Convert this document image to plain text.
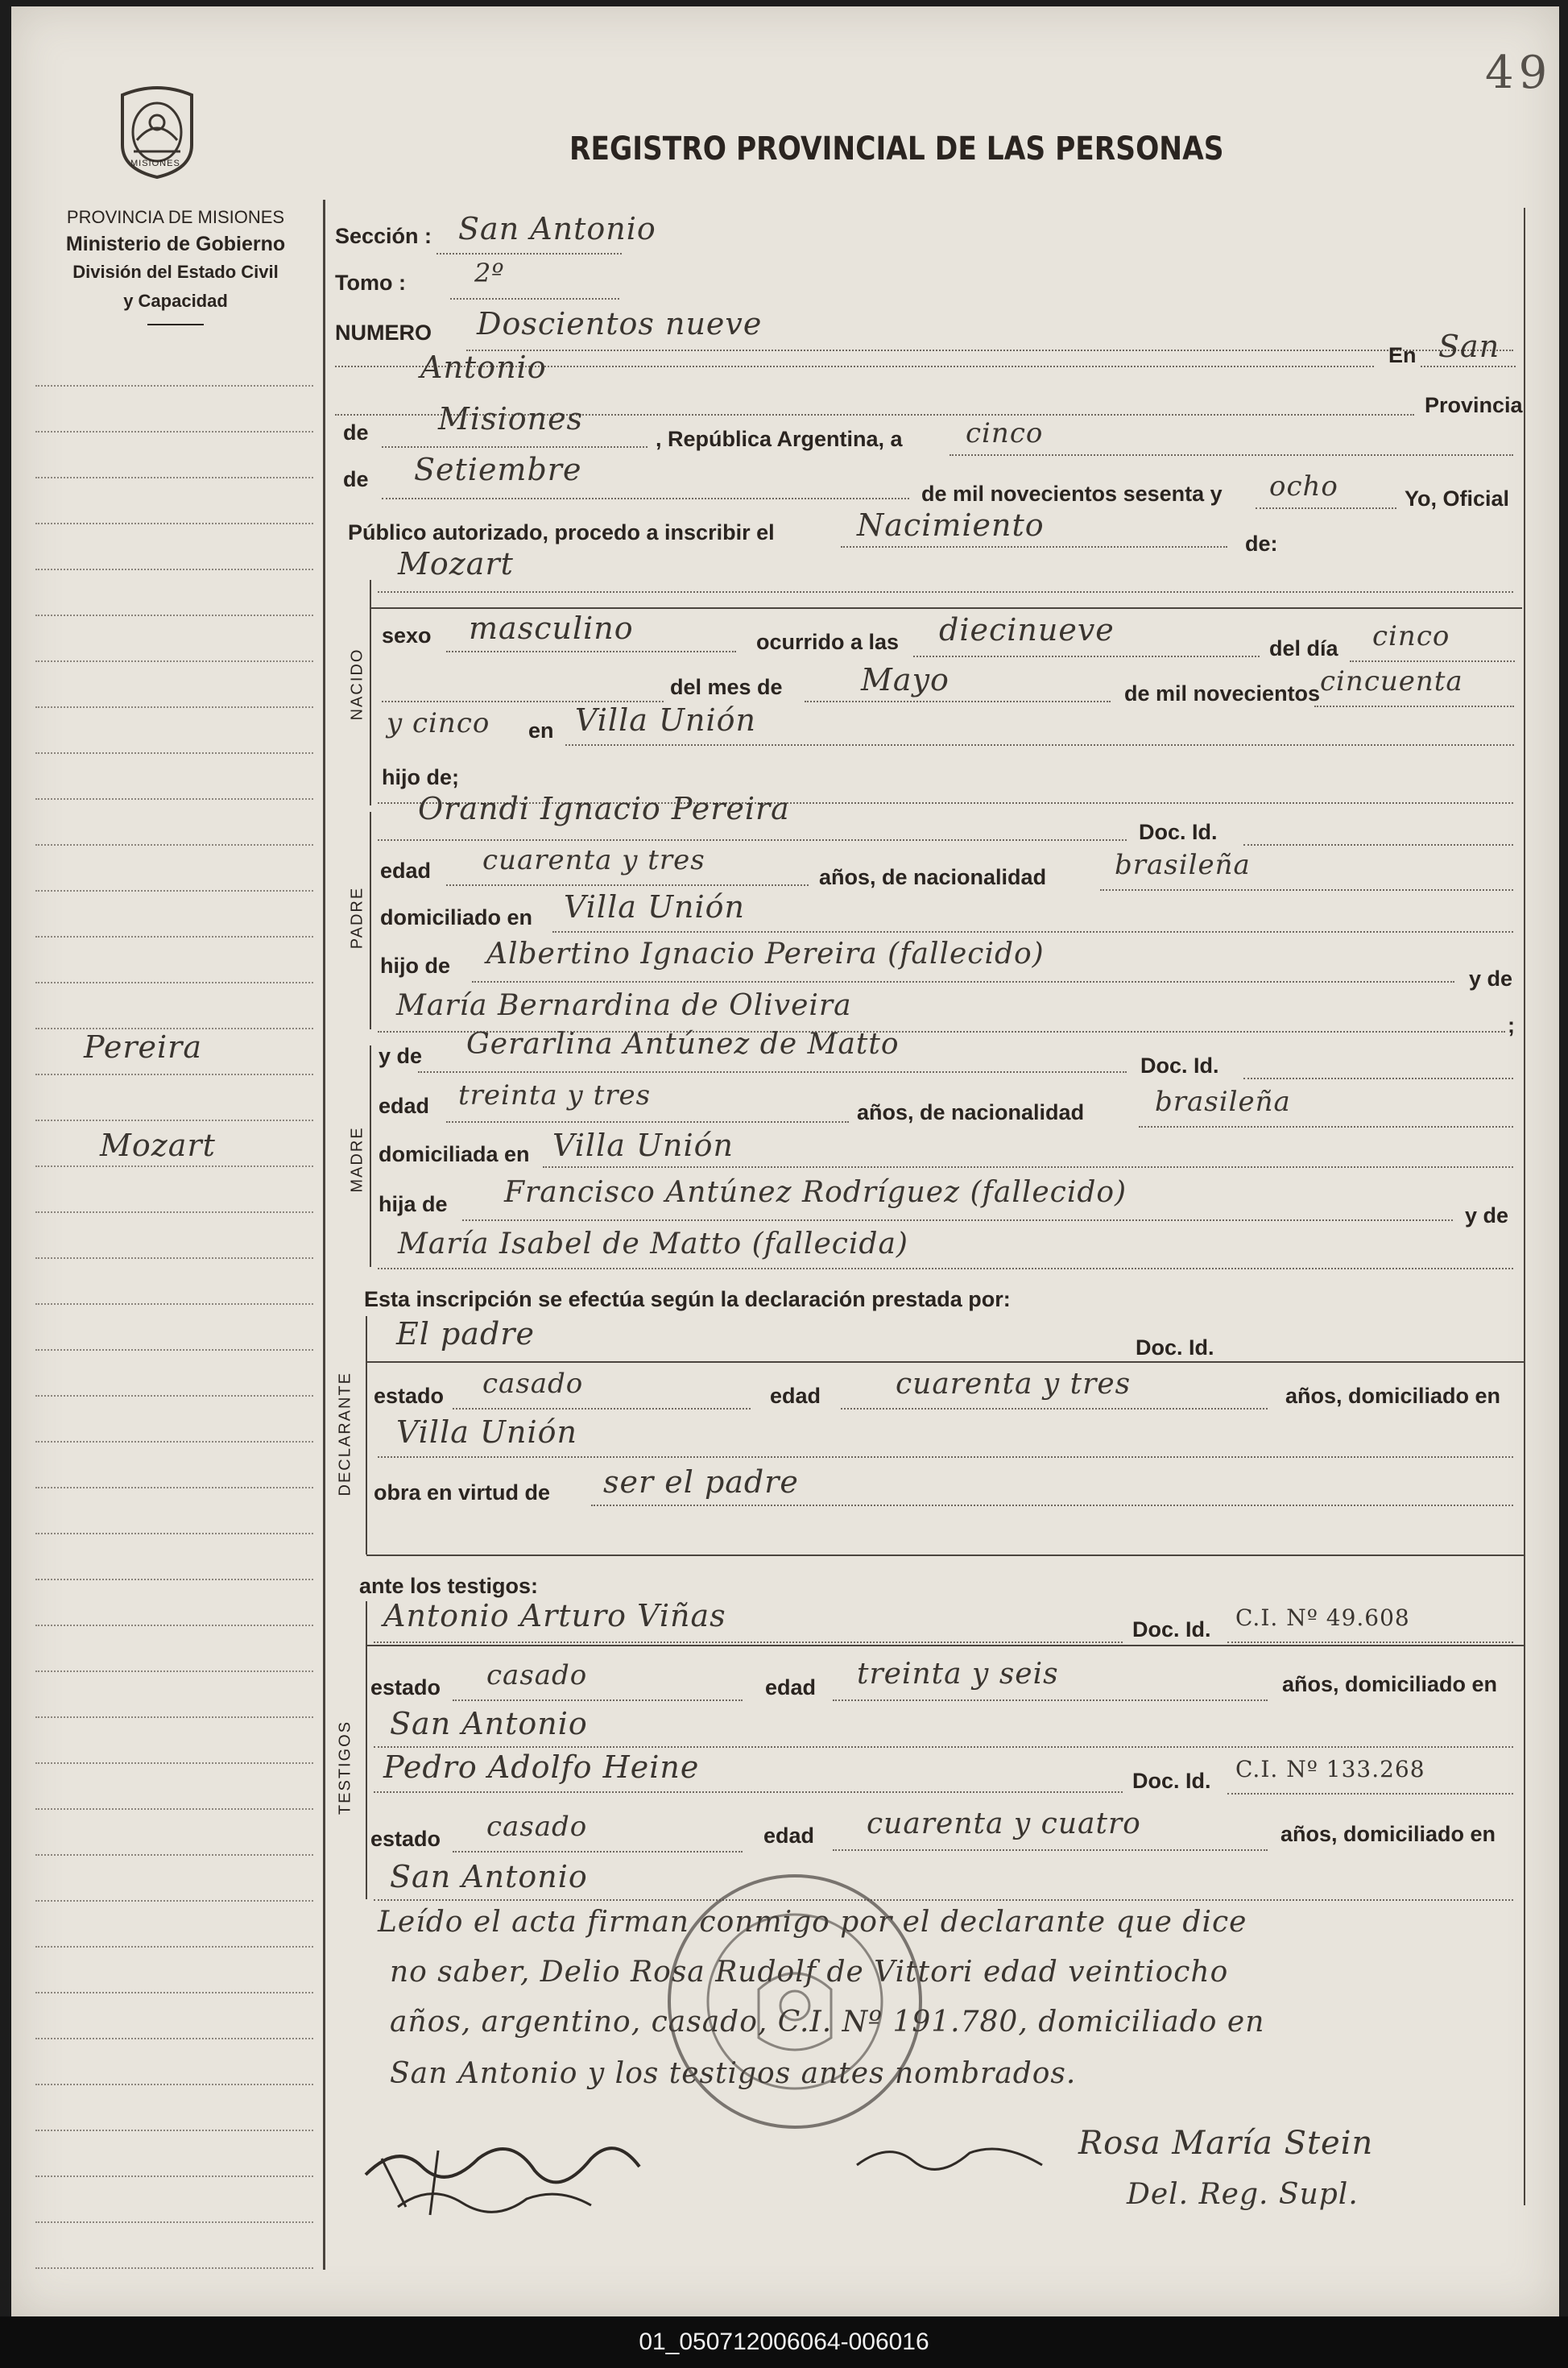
49
MISIONES
PROVINCIA DE MISIONES
Ministerio de Gobierno
División del Estado Civil
y Capacidad
Pereira
Mozart
REGISTRO PROVINCIAL DE LAS PERSONAS
Sección : San Antonio
Tomo :	2º
NUMERO Doscientos nueve
Antonio	En San
Provincia
de Misiones
, República Argentina, a cinco
de Setiembre
de mil novecientos sesenta y ocho	Yo, Oficial
Público autorizado, procedo a inscribir el	Nacimiento
de:
NACIDO
Mozart
sexo masculino	ocurrido a las diecinueve
del día cinco
del mes de	Mayo	de mil novecientos cincuenta
y cinco en Villa Unión
hijo de;
PADRE
Orandi Ignacio Pereira
Doc. Id.
edad cuarenta y tres
años, de nacionalidad brasileña
domiciliado en Villa Unión
hijo de Albertino Ignacio Pereira (fallecido)
y de
María Bernardina de Oliveira
;
MADRE
y de Gerarlina Antúnez de Matto
Doc. Id.
edad treinta y tres
años, de nacionalidad	brasileña
domiciliada en Villa Unión
hija de Francisco Antúnez Rodríguez (fallecido)
y de
María Isabel de Matto (fallecida)
Esta inscripción se efectúa según la declaración prestada por:
DECLARANTE
El padre	Doc. Id.
estado casado	edad	cuarenta y tres	años, domiciliado en
Villa Unión
obra en virtud de ser el padre
ante los testigos:
TESTIGOS
Antonio Arturo Viñas	Doc. Id. C.I. Nº 49.608
estado casado	edad treinta y seis	años, domiciliado en
San Antonio
Pedro Adolfo Heine	Doc. Id. C.I. Nº 133.268
estado casado	edad cuarenta y cuatro	años, domiciliado en
San Antonio
Leído el acta firman conmigo por el declarante que dice
no saber, Delio Rosa Rudolf de Vittori edad veintiocho
años, argentino, casado, C.I. Nº 191.780, domiciliado en
San Antonio y los testigos antes nombrados.
Rosa María Stein
Del. Reg. Supl.
01_050712006064-006016
